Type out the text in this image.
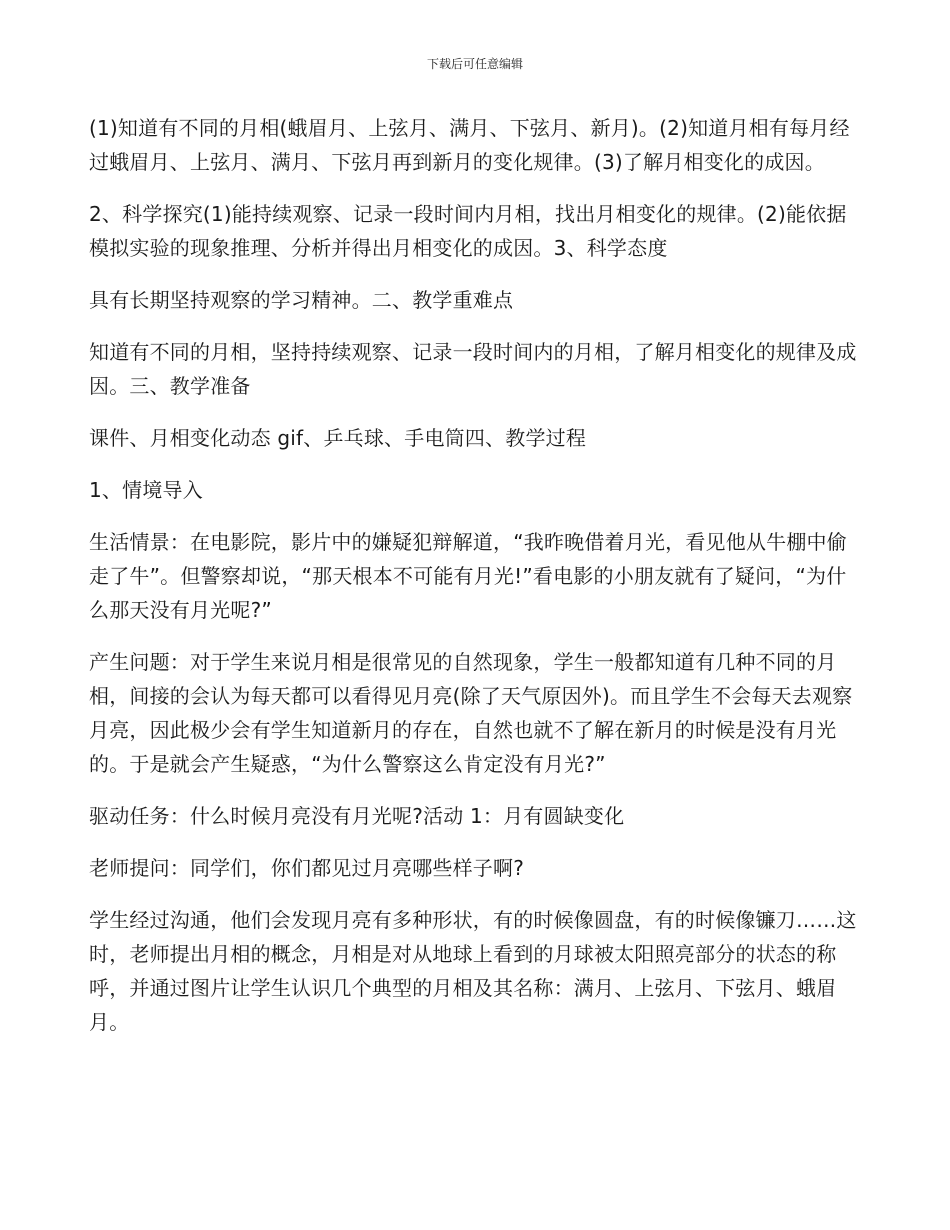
下载后可任意编辑

(1)知道有不同的月相(蛾眉月、上弦月、满月、下弦月、新月)。(2)知道月相有每月经过蛾眉月、上弦月、满月、下弦月再到新月的变化规律。(3)了解月相变化的成因。

2、科学探究(1)能持续观察、记录一段时间内月相，找出月相变化的规律。(2)能依据模拟实验的现象推理、分析并得出月相变化的成因。3、科学态度

具有长期坚持观察的学习精神。二、教学重难点

知道有不同的月相，坚持持续观察、记录一段时间内的月相，了解月相变化的规律及成因。三、教学准备

课件、月相变化动态 gif、乒乓球、手电筒四、教学过程

1、情境导入

生活情景：在电影院，影片中的嫌疑犯辩解道，“我昨晚借着月光，看见他从牛棚中偷走了牛”。但警察却说，“那天根本不可能有月光!”看电影的小朋友就有了疑问，“为什么那天没有月光呢?”

产生问题：对于学生来说月相是很常见的自然现象，学生一般都知道有几种不同的月相，间接的会认为每天都可以看得见月亮(除了天气原因外)。而且学生不会每天去观察月亮，因此极少会有学生知道新月的存在，自然也就不了解在新月的时候是没有月光的。于是就会产生疑惑，“为什么警察这么肯定没有月光?”

驱动任务：什么时候月亮没有月光呢?活动 1：月有圆缺变化

老师提问：同学们，你们都见过月亮哪些样子啊?

学生经过沟通，他们会发现月亮有多种形状，有的时候像圆盘，有的时候像镰刀……这时，老师提出月相的概念，月相是对从地球上看到的月球被太阳照亮部分的状态的称呼，并通过图片让学生认识几个典型的月相及其名称：满月、上弦月、下弦月、蛾眉月。
